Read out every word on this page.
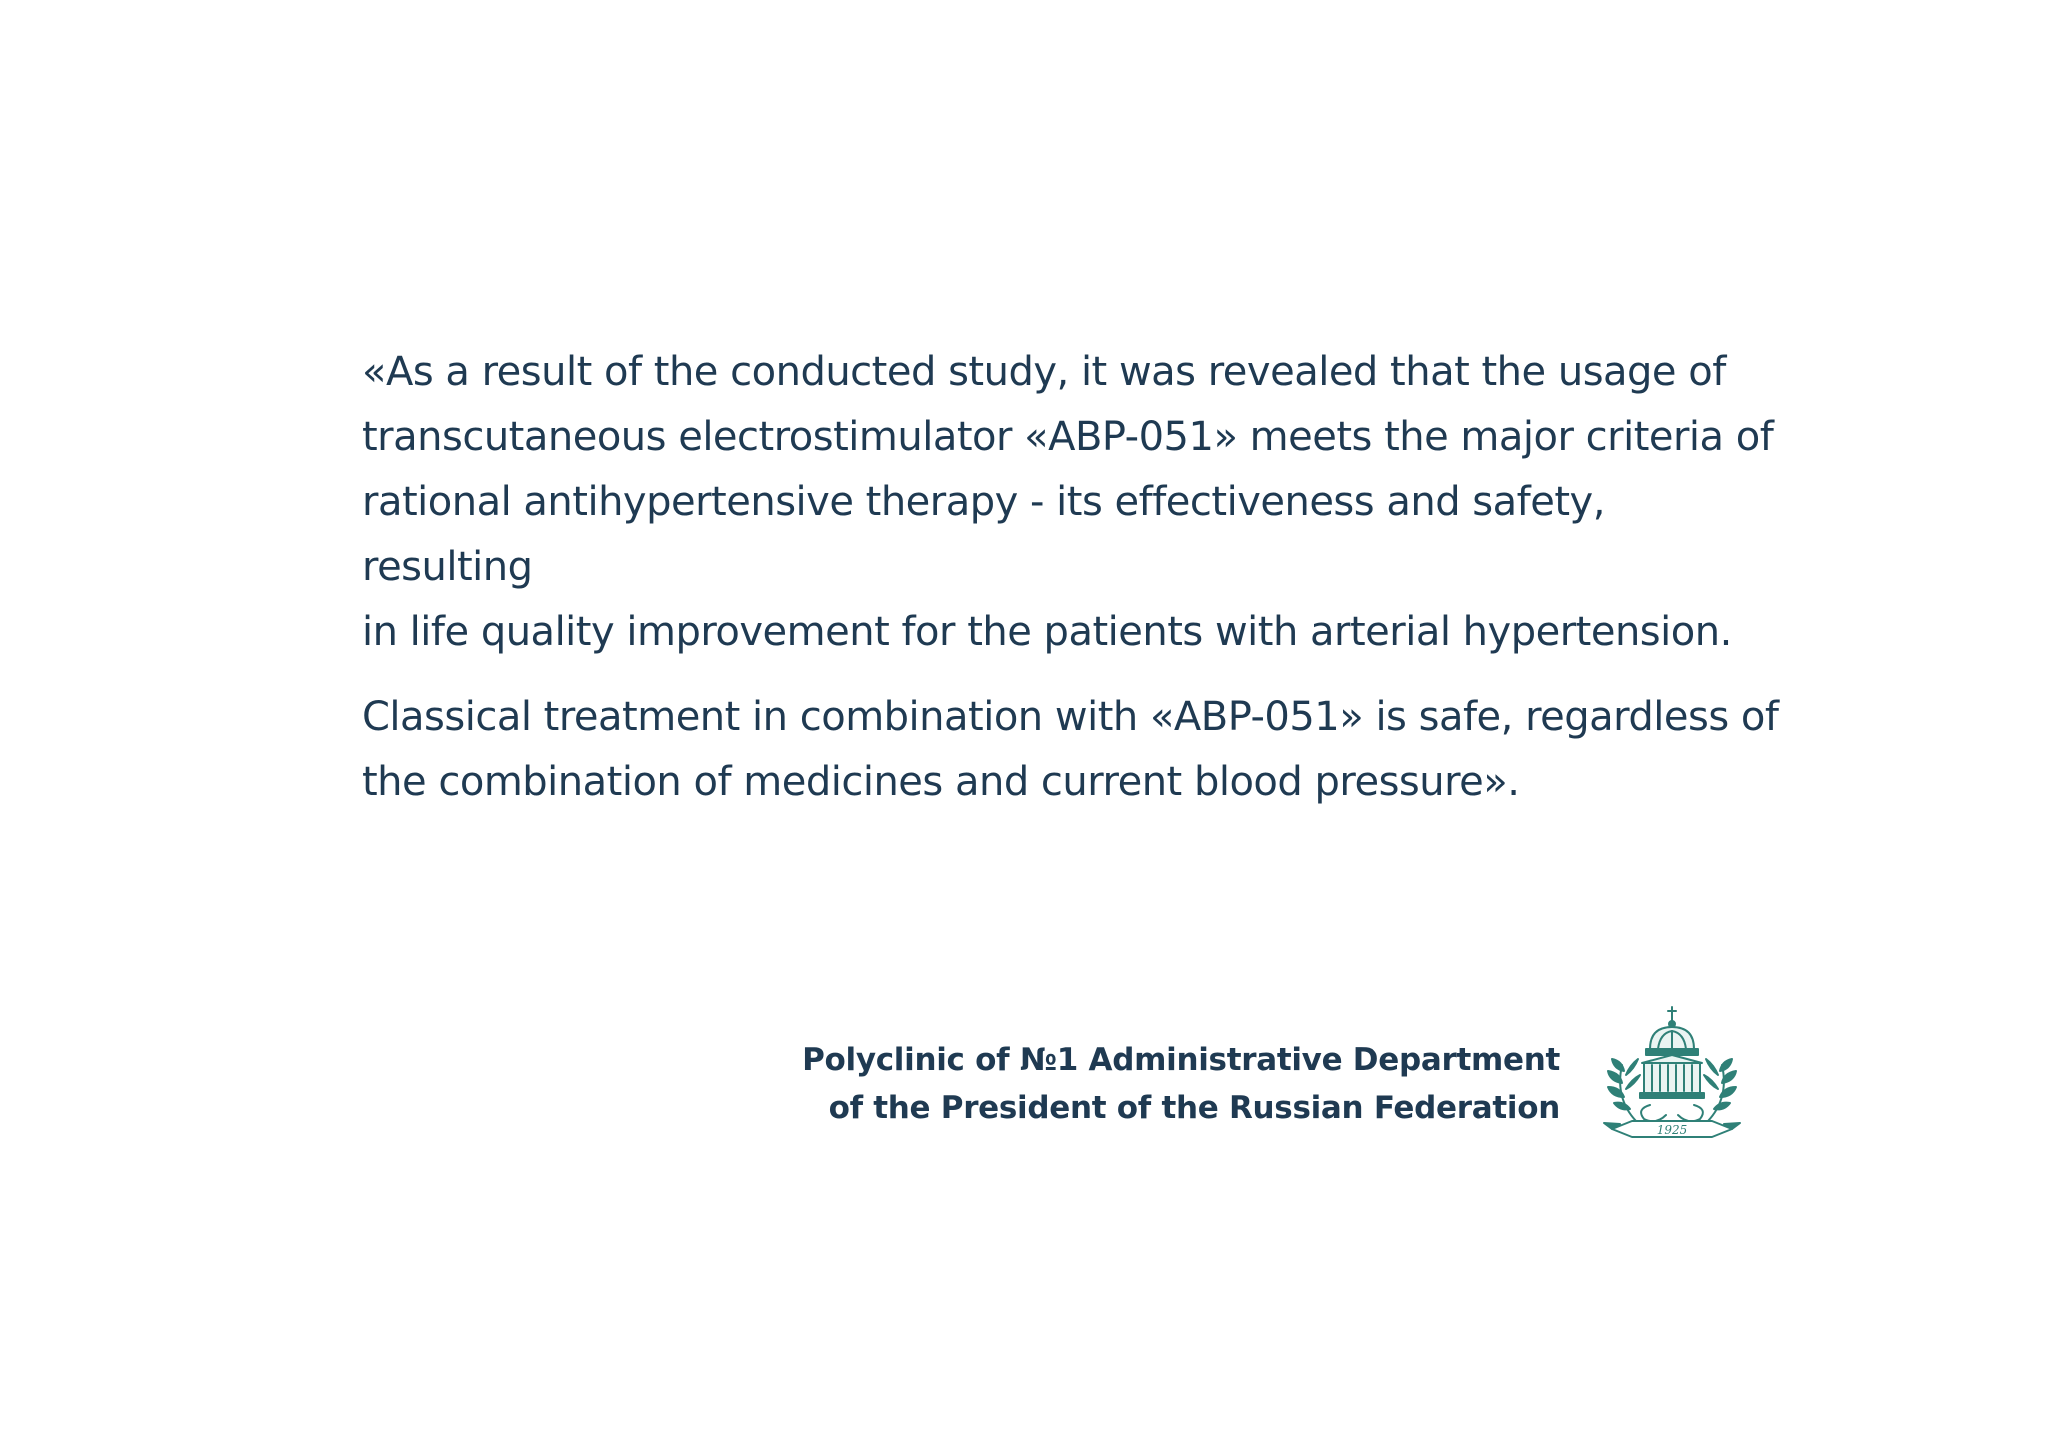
«As a result of the conducted study, it was revealed that the usage of
transcutaneous electrostimulator «ABP-051» meets the major criteria of
rational antihypertensive therapy - its effectiveness and safety, resulting
in life quality improvement for the patients with arterial hypertension.

Classical treatment in combination with «ABP-051» is safe, regardless of
the combination of medicines and current blood pressure».

Polyclinic of №1 Administrative Department
of the President of the Russian Federation
1925
